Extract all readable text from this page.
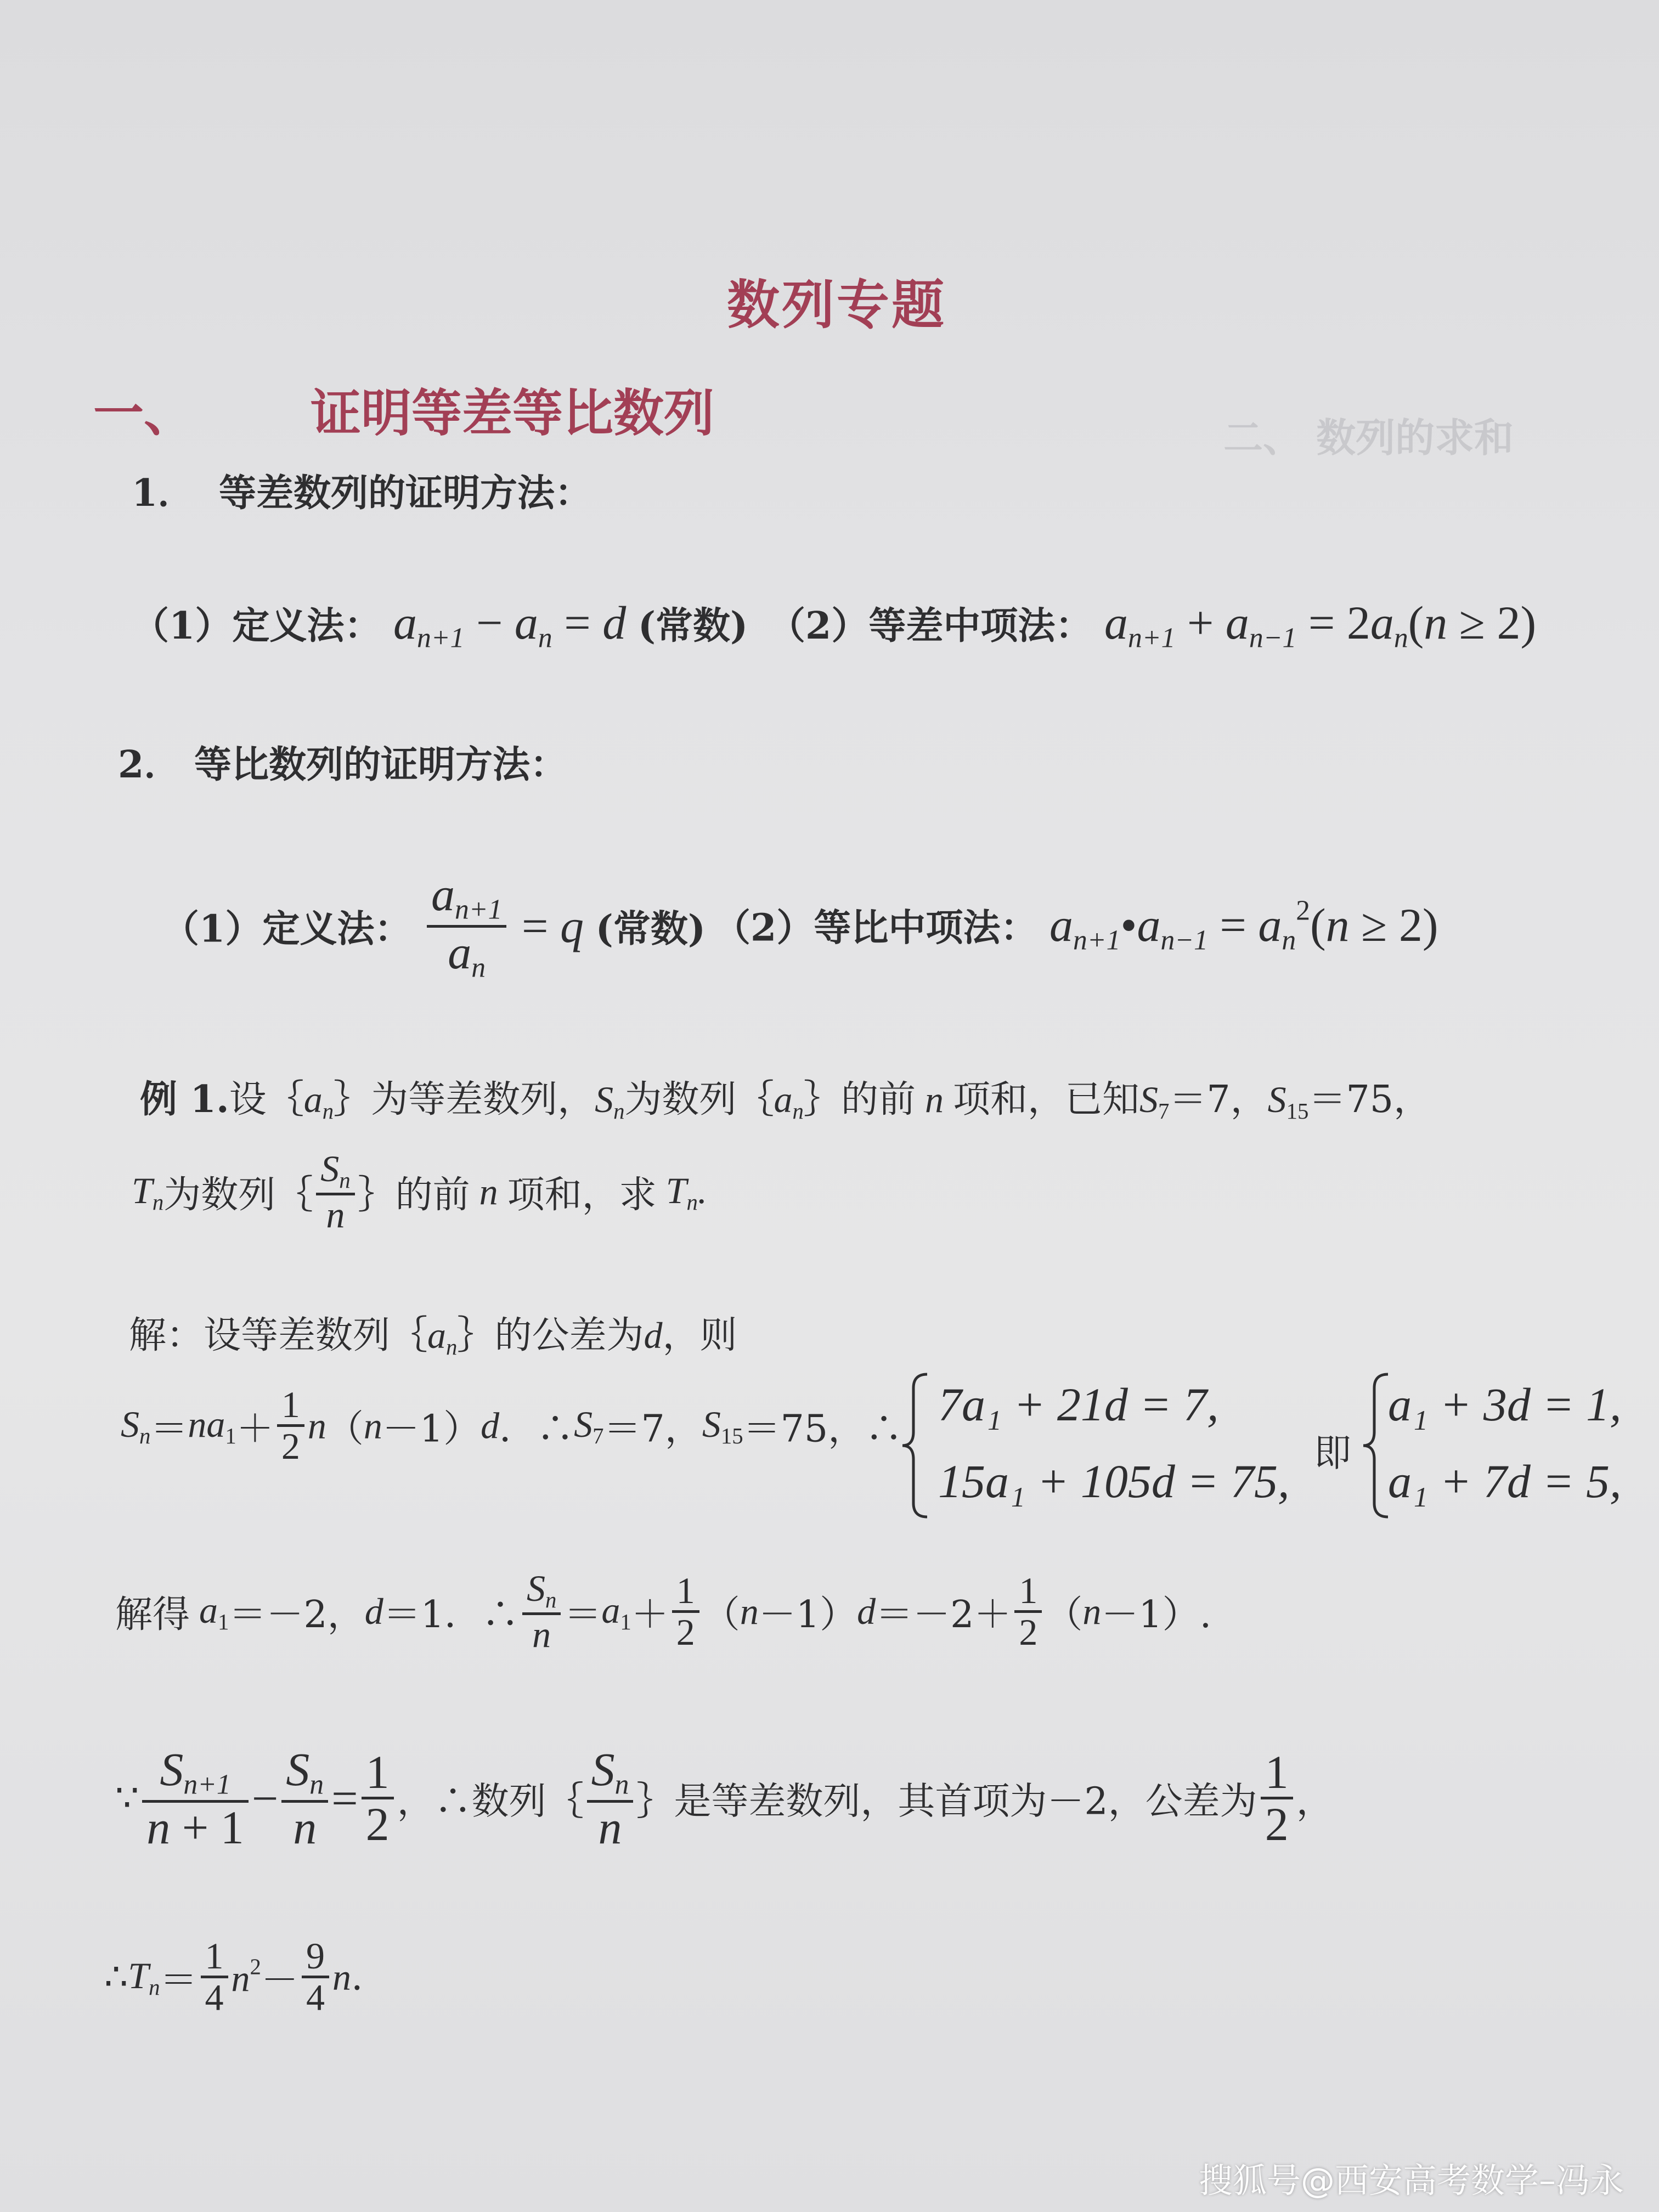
二、 数列的求和
数列专题
一、 证明等差等比数列
1． 等差数列的证明方法：
（1）定义法： $a_{n+1} - a_n = d$ (常数) （2）等差中项法： $a_{n+1} + a_{n-1} = 2a_n(n \ge 2)$
2． 等比数列的证明方法：
（1）定义法： $\frac{a_{n+1}}{a_n} = q$ (常数) （2）等比中项法： $a_{n+1}•a_{n-1} = a_n^2(n \ge 2)$
例 1.设$\{a_n\}$为等差数列，$S_n$为数列$\{a_n\}$的前 n 项和，已知$S_7=7$，$S_{15}=75$，
$T_n$为数列｛ $\frac{S_n}{n}$ ｝的前 n 项和，求 $T_n$.
解：设等差数列$\{a_n\}$的公差为d，则
$S_n=na_1+ \frac{1}{2} n(n-1)d$．$\therefore S_7=7$，$S_{15}=75$，∴ 7a₁ + 21d = 7,
15a₁ + 105d = 75,
即
a₁ + 3d = 1,
a₁ + 7d = 5,
解得 $a_1=-2$，d＝1．∴ $\frac{S_n}{n} =a_1+ \frac{1}{2} (n-1)d=-2+ \frac{1}{2} (n-1)$.
∵ $\frac{S_{n+1}}{n + 1} - \frac{S_n}{n} = \frac{1}{2}$ ，∴数列｛ $\frac{S_n}{n}$ ｝是等差数列，其首项为－2，公差为 $\frac{1}{2}$ ，
$\therefore T_n= \frac{1}{4} n^2- \frac{9}{4} n$.
搜狐号@西安高考数学–冯永
